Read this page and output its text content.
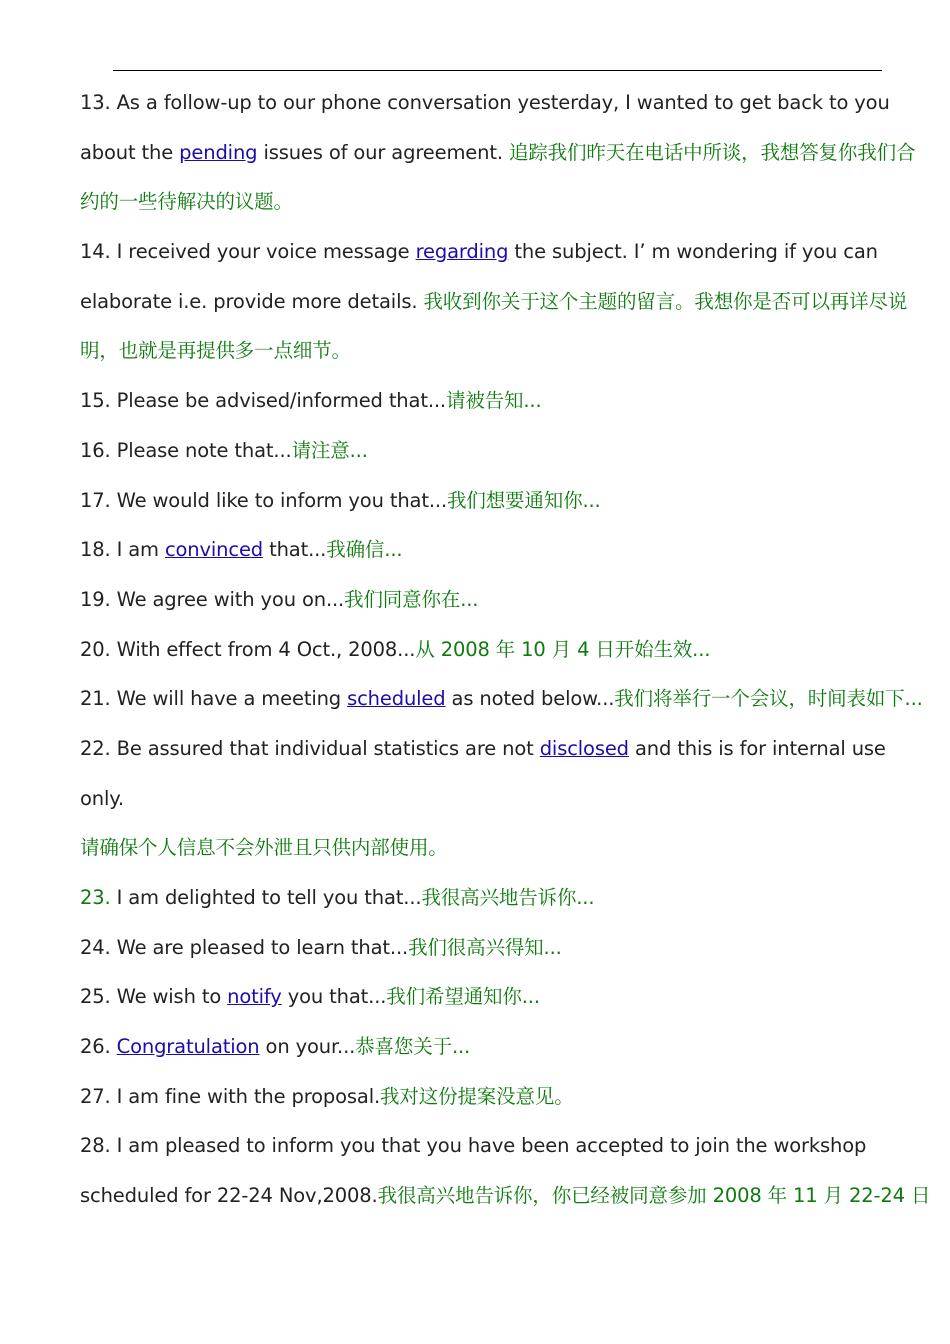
13. As a follow-up to our phone conversation yesterday, I wanted to get back to you
about the pending issues of our agreement. 追踪我们昨天在电话中所谈，我想答复你我们合
约的一些待解决的议题。
14. I received your voice message regarding the subject. I’ m wondering if you can
elaborate i.e. provide more details. 我收到你关于这个主题的留言。我想你是否可以再详尽说
明，也就是再提供多一点细节。
15. Please be advised/informed that...请被告知...
16. Please note that...请注意...
17. We would like to inform you that...我们想要通知你...
18. I am convinced that...我确信...
19. We agree with you on...我们同意你在...
20. With effect from 4 Oct., 2008...从 2008 年 10 月 4 日开始生效...
21. We will have a meeting scheduled as noted below...我们将举行一个会议，时间表如下...
22. Be assured that individual statistics are not disclosed and this is for internal use
only.
请确保个人信息不会外泄且只供内部使用。
23. I am delighted to tell you that...我很高兴地告诉你...
24. We are pleased to learn that...我们很高兴得知...
25. We wish to notify you that...我们希望通知你...
26. Congratulation on your...恭喜您关于...
27. I am fine with the proposal.我对这份提案没意见。
28. I am pleased to inform you that you have been accepted to join the workshop
scheduled for 22-24 Nov,2008.我很高兴地告诉你，你已经被同意参加 2008 年 11 月 22-24 日
